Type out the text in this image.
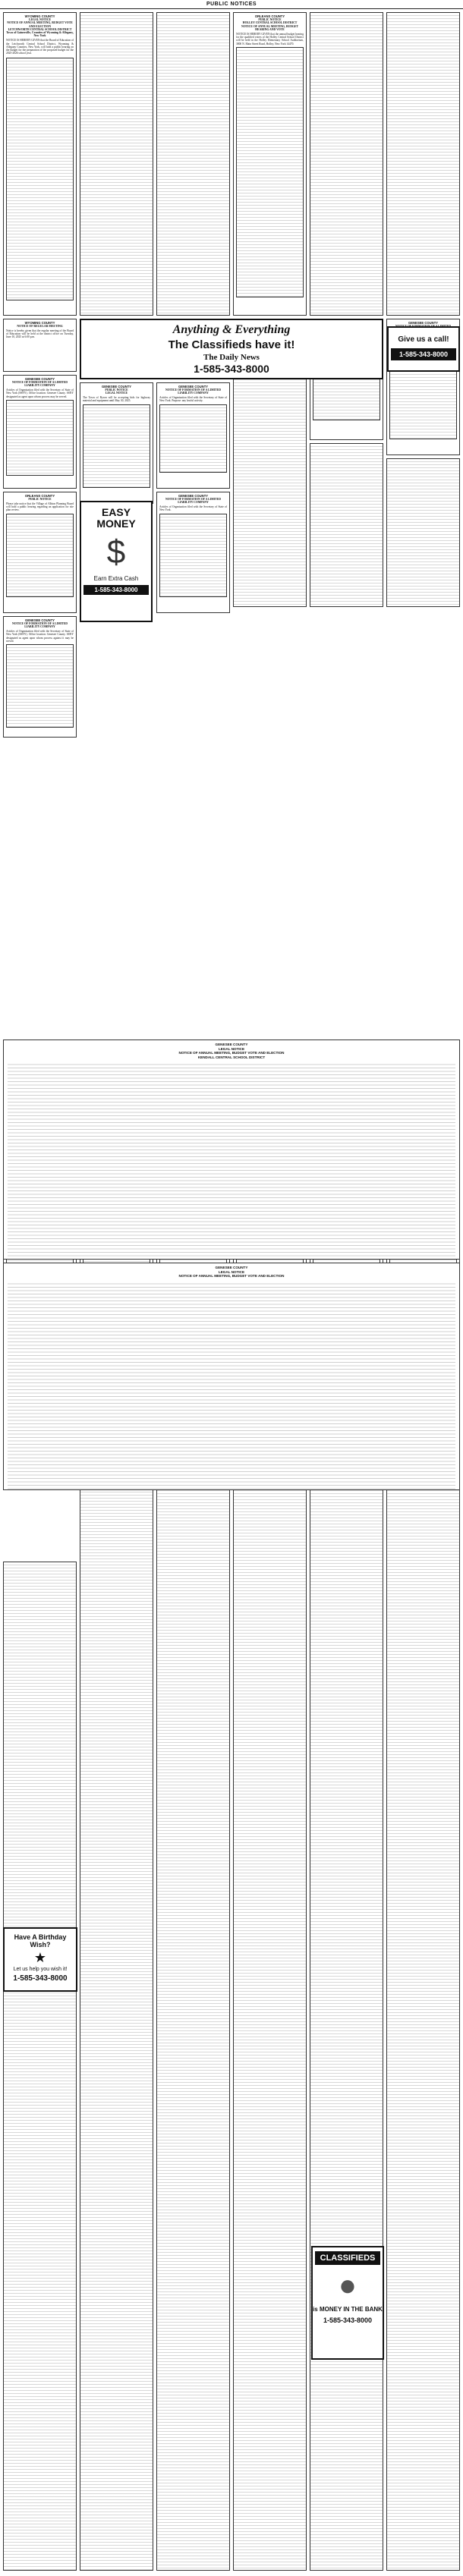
PUBLIC NOTICES
WYOMING COUNTY
LEGAL NOTICE
NOTICE OF ANNUAL MEETING, BUDGET VOTE AND ELECTION
LETCHWORTH CENTRAL SCHOOL DISTRICT
Town of Gainesville, Counties of Wyoming & Allegany, New York

NOTICE IS HEREBY GIVEN that the Board of Education of the Letchworth Central School District, Wyoming & Allegany Counties, New York, will hold a public hearing on the budget for the preparation of the proposed budget for the 2025-2026 school year.

WYOMING COUNTY
NOTICE OF REGULAR MEETING

Notice is hereby given that the regular meeting of the Board of Education will be held at the district office on Tuesday, June 10, 2025 at 6:00 p.m.

GENESEE COUNTY
NOTICE OF FORMATION OF A LIMITED LIABILITY COMPANY

Articles of Organization filed with the Secretary of State of New York (SSNY). Office location: Genesee County. SSNY designated as agent upon whom process may be served.

ORLEANS COUNTY
PUBLIC NOTICE

Please take notice that the Village of Albion Planning Board will hold a public hearing regarding an application for site plan review.

GENESEE COUNTY
NOTICE OF FORMATION OF A LIMITED LIABILITY COMPANY

Articles of Organization filed with the Secretary of State of New York (SSNY). Office location: Genesee County. SSNY designated as agent upon whom process against it may be served.

GENESEE COUNTY
PUBLIC NOTICE
LEGAL NOTICE

The Town of Byron will be accepting bids for highway material and equipment until May 30, 2025.

GENESEE COUNTY
NOTICE OF FORMATION OF A LIMITED LIABILITY COMPANY

Articles of Organization filed with the Secretary of State of New York. Purpose: any lawful activity.

GENESEE COUNTY
NOTICE OF FORMATION OF A LIMITED LIABILITY COMPANY

Articles of Organization filed with the Secretary of State of New York.

ORLEANS COUNTY
PUBLIC NOTICE
HOLLEY CENTRAL SCHOOL DISTRICT
NOTICE OF ANNUAL MEETING, BUDGET HEARING AND VOTE

NOTICE IS HEREBY GIVEN that the annual budget hearing for the qualified voters of the Holley Central School District will be held in the Holley Elementary School Auditorium, 3800 N. Main Street Road, Holley, New York 14470.

GENESEE COUNTY

GENESEE COUNTY
LEGAL NOTICE
NOTICE OF ANNUAL MEETING, BUDGET VOTE AND ELECTION
KENDALL CENTRAL SCHOOL DISTRICT
GENESEE COUNTY
LEGAL NOTICE
NOTICE OF ANNUAL MEETING, BUDGET VOTE AND ELECTION
Anything & Everything
The Classifieds have it!
The Daily News
1-585-343-8000
EASY MONEY
$
Earn Extra Cash
1-585-343-8000
Give us a call!
1-585-343-8000
Have A Birthday Wish?
★
Let us help you wish it!
1-585-343-8000
CLASSIFIEDS
●
is MONEY IN THE BANK
1-585-343-8000
